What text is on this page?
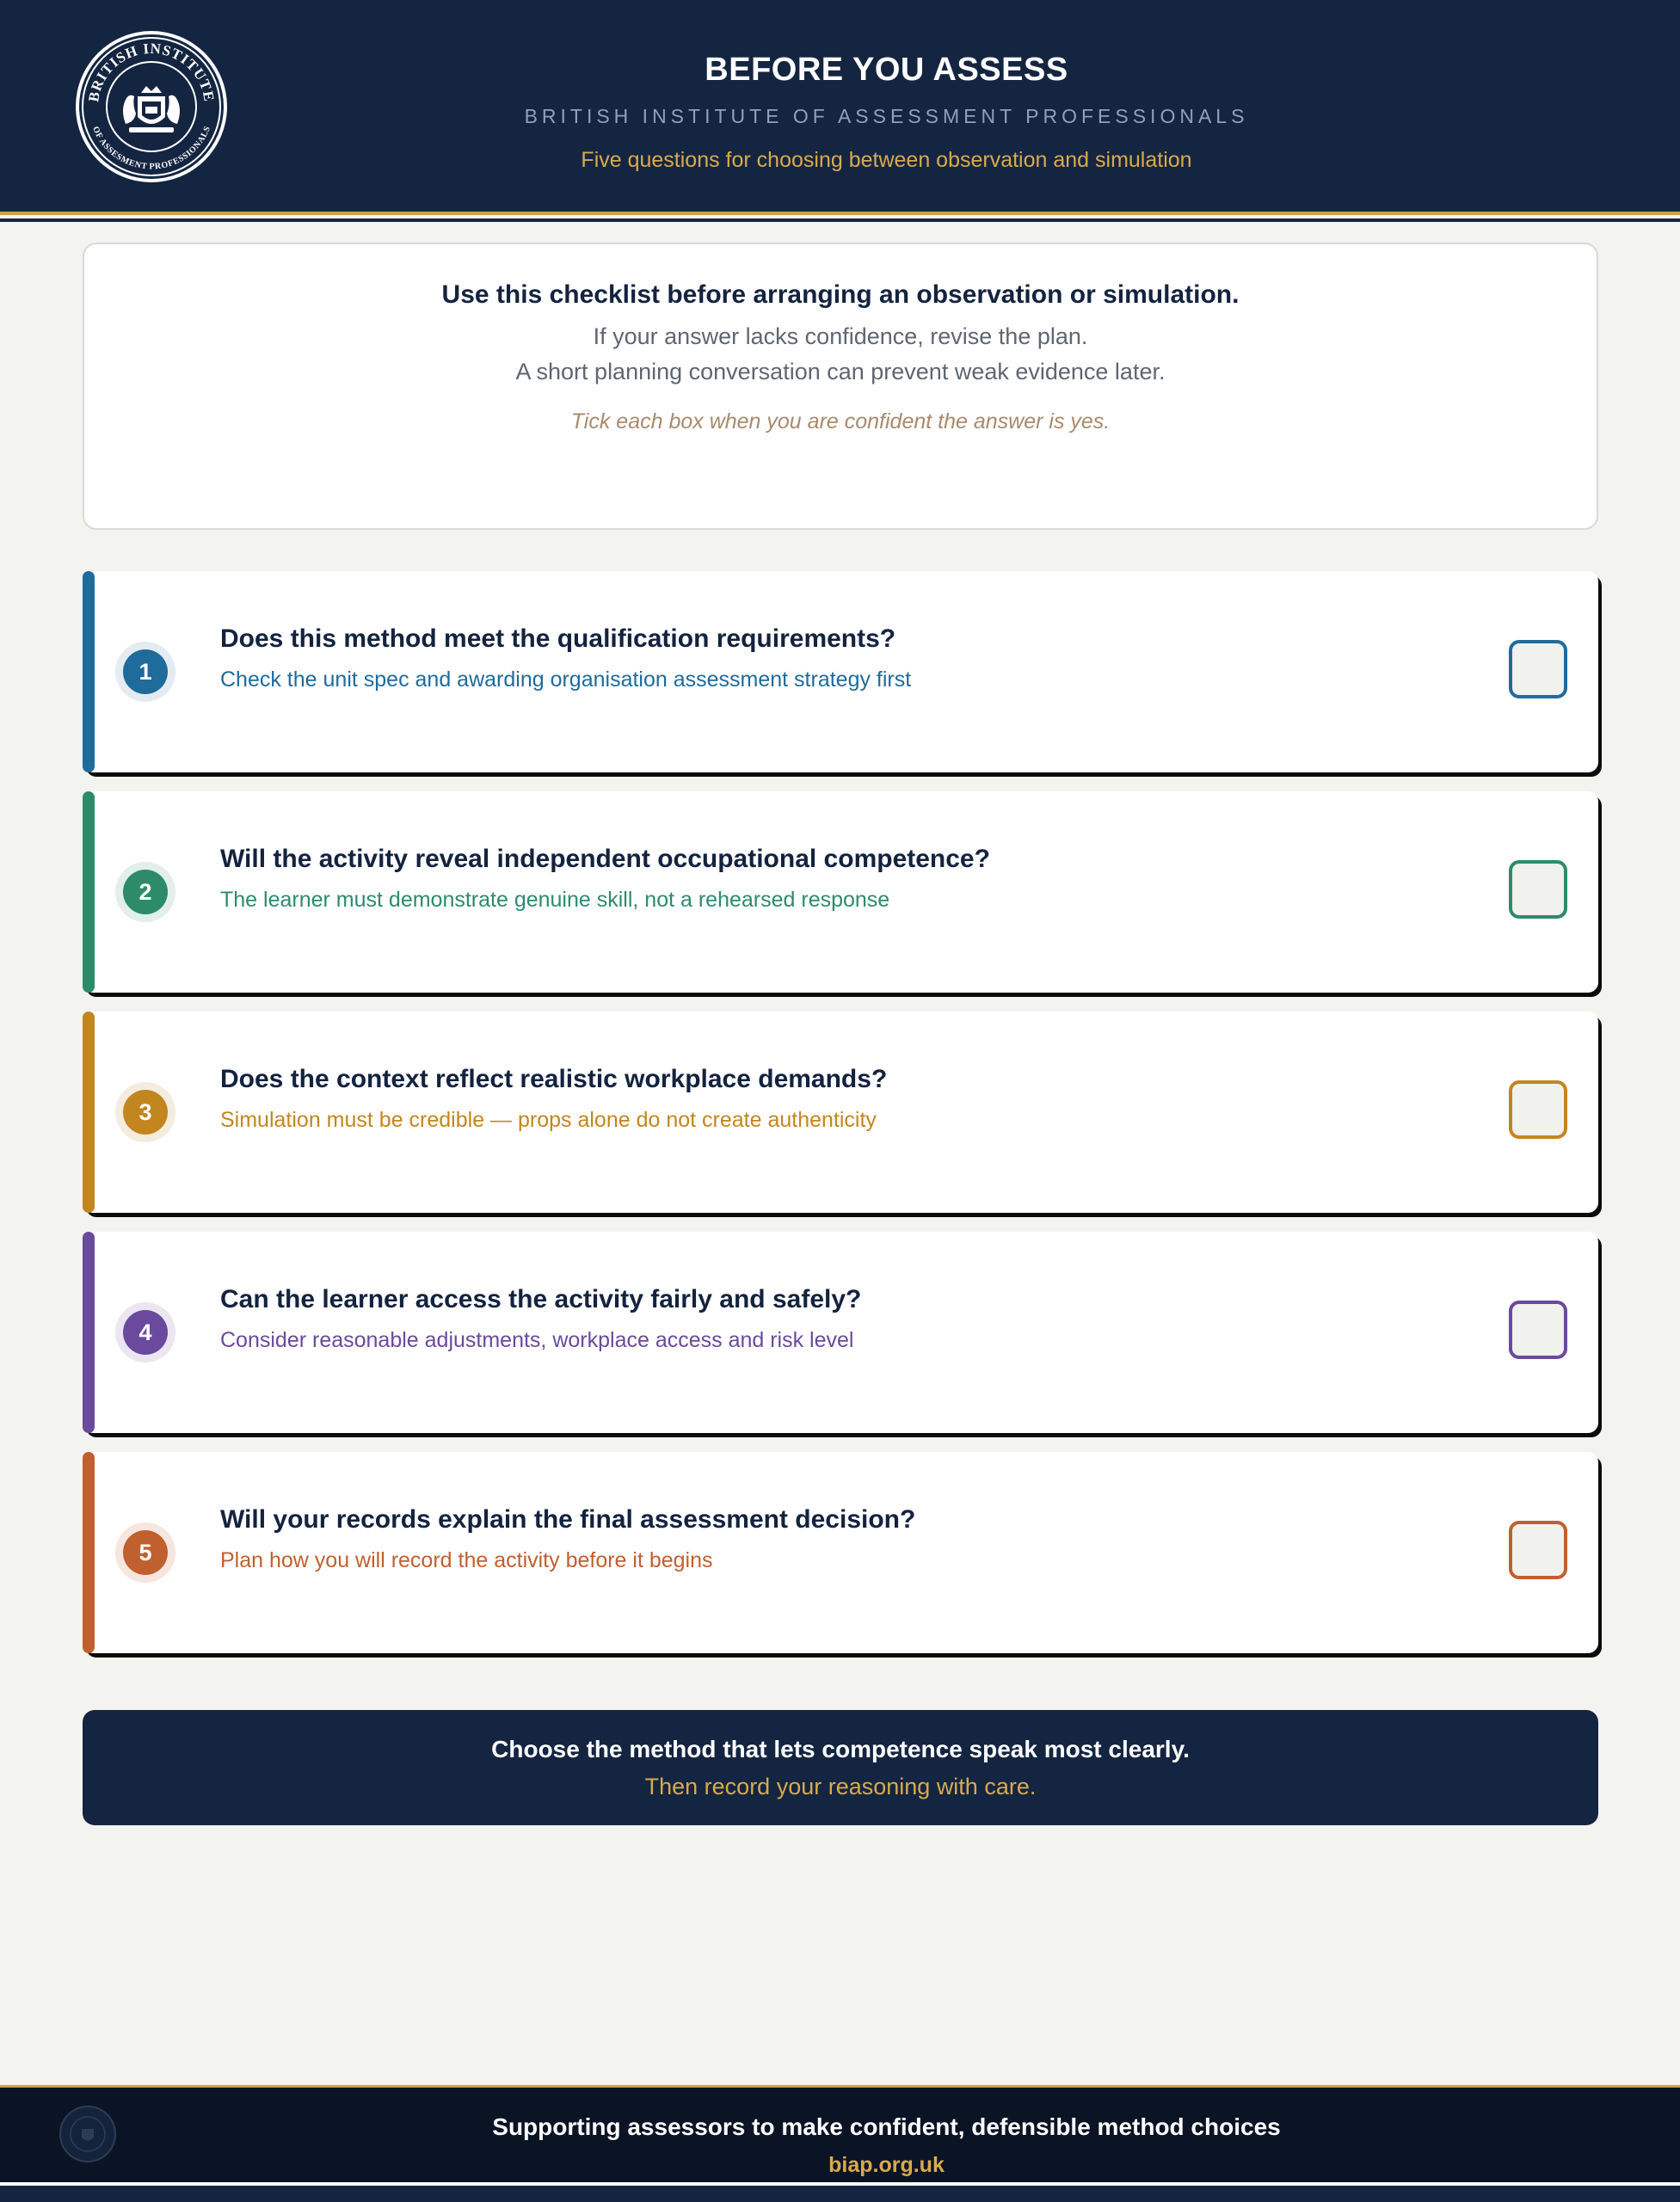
BRITISH INSTITUTE
OF ASSESMENT PROFESSIONALS
BEFORE YOU ASSESS
BRITISH INSTITUTE OF ASSESSMENT PROFESSIONALS
Five questions for choosing between observation and simulation
Use this checklist before arranging an observation or simulation.
If your answer lacks confidence, revise the plan.
A short planning conversation can prevent weak evidence later.
Tick each box when you are confident the answer is yes.
1
Does this method meet the qualification requirements?
Check the unit spec and awarding organisation assessment strategy first
2
Will the activity reveal independent occupational competence?
The learner must demonstrate genuine skill, not a rehearsed response
3
Does the context reflect realistic workplace demands?
Simulation must be credible — props alone do not create authenticity
4
Can the learner access the activity fairly and safely?
Consider reasonable adjustments, workplace access and risk level
5
Will your records explain the final assessment decision?
Plan how you will record the activity before it begins
Choose the method that lets competence speak most clearly.
Then record your reasoning with care.
Supporting assessors to make confident, defensible method choices
biap.org.uk
